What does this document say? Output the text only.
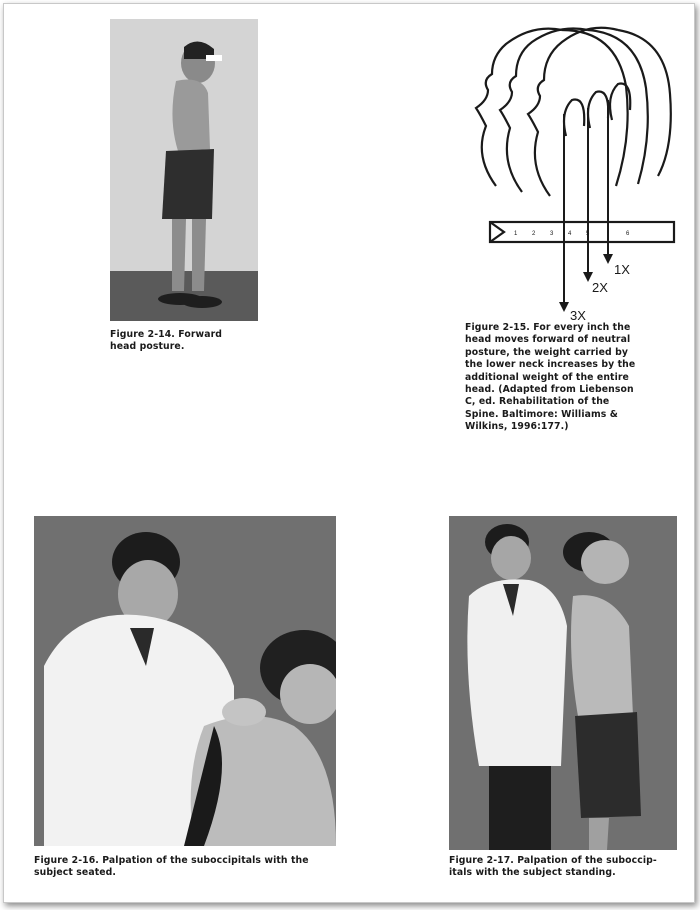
Figure 2-14. Forward
head posture.
1 2 3 4 5	6
1X
2X
3X
Figure 2-15. For every inch the
head moves forward of neutral
posture, the weight carried by
the lower neck increases by the
additional weight of the entire
head. (Adapted from Liebenson
C, ed. Rehabilitation of the
Spine. Baltimore: Williams &
Wilkins, 1996:177.)
Figure 2-16. Palpation of the suboccipitals with the
subject seated.
Figure 2-17. Palpation of the suboccip-
itals with the subject standing.
